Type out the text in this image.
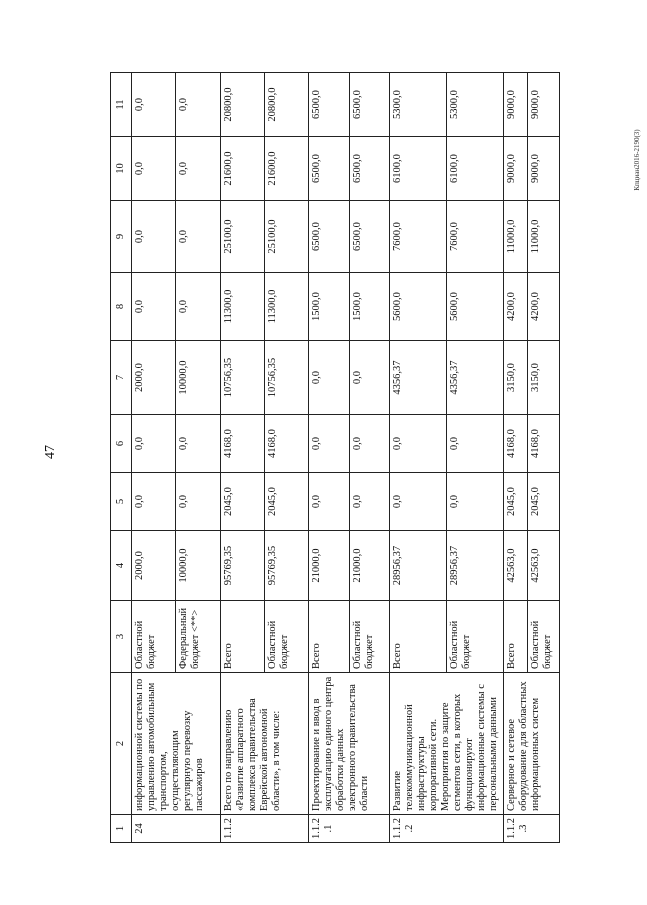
47
Кпциан2016-2190(3)
1	2	3	4	5	6	7	8	9	10	11
24	информационной системы по управлению автомобильным транспортом, осуществляющим регулярную перевозку пассажиров	Областной бюджет	2000,0	0,0	0,0	2000,0	0,0	0,0	0,0	0,0
		Федеральный бюджет <**>	10000,0	0,0	0,0	10000,0	0,0	0,0	0,0	0,0
1.1.2	Всего по направлению «Развитие аппаратного комплекса правительства Еврейской автономной области», в том числе:	Всего	95769,35	2045,0	4168,0	10756,35	11300,0	25100,0	21600,0	20800,0
		Областной бюджет	95769,35	2045,0	4168,0	10756,35	11300,0	25100,0	21600,0	20800,0
1.1.2.1	Проектирование и ввод в эксплуатацию единого центра обработки данных электронного правительства области	Всего	21000,0	0,0	0,0	0,0	1500,0	6500,0	6500,0	6500,0
		Областной бюджет	21000,0	0,0	0,0	0,0	1500,0	6500,0	6500,0	6500,0
1.1.2.2	Развитие телекоммуникационной инфраструктуры корпоративной сети. Мероприятия по защите сегментов сети, в которых функционируют информационные системы с персональными данными	Всего	28956,37	0,0	0,0	4356,37	5600,0	7600,0	6100,0	5300,0
		Областной бюджет	28956,37	0,0	0,0	4356,37	5600,0	7600,0	6100,0	5300,0
1.1.2.3	Серверное и сетевое оборудование для областных информационных систем	Всего	42563,0	2045,0	4168,0	3150,0	4200,0	11000,0	9000,0	9000,0
		Областной бюджет	42563,0	2045,0	4168,0	3150,0	4200,0	11000,0	9000,0	9000,0
